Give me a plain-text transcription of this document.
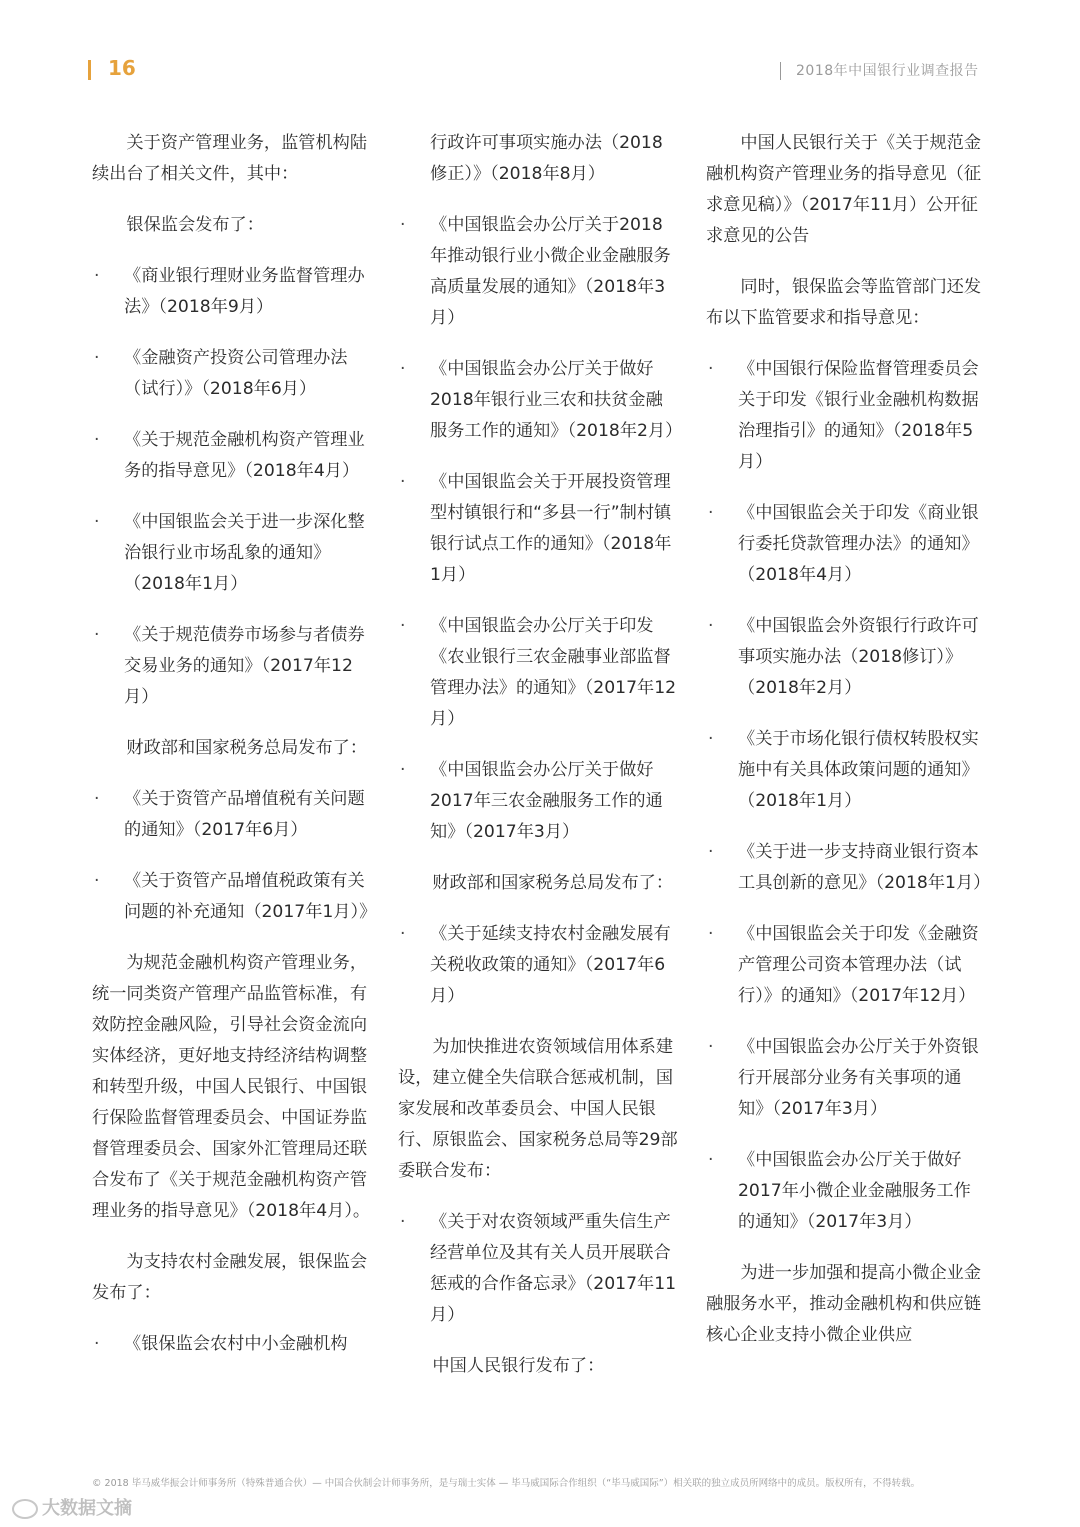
16	2018年中国银行业调查报告

关于资产管理业务，监管机构陆续出台了相关文件，其中：

银保监会发布了：

· 《商业银行理财业务监督管理办法》（2018年9月）
· 《金融资产投资公司管理办法（试行）》（2018年6月）
· 《关于规范金融机构资产管理业务的指导意见》（2018年4月）
· 《中国银监会关于进一步深化整治银行业市场乱象的通知》（2018年1月）
· 《关于规范债券市场参与者债券交易业务的通知》（2017年12月）

财政部和国家税务总局发布了：

· 《关于资管产品增值税有关问题的通知》（2017年6月）
· 《关于资管产品增值税政策有关问题的补充通知（2017年1月）》

为规范金融机构资产管理业务，统一同类资产管理产品监管标准，有效防控金融风险，引导社会资金流向实体经济，更好地支持经济结构调整和转型升级，中国人民银行、中国银行保险监督管理委员会、中国证券监督管理委员会、国家外汇管理局还联合发布了《关于规范金融机构资产管理业务的指导意见》（2018年4月）。

为支持农村金融发展，银保监会发布了：

· 《银保监会农村中小金融机构

行政许可事项实施办法（2018修正）》（2018年8月）

· 《中国银监会办公厅关于2018年推动银行业小微企业金融服务高质量发展的通知》（2018年3月）
· 《中国银监会办公厅关于做好2018年银行业三农和扶贫金融服务工作的通知》（2018年2月）
· 《中国银监会关于开展投资管理型村镇银行和“多县一行”制村镇银行试点工作的通知》（2018年1月）
· 《中国银监会办公厅关于印发《农业银行三农金融事业部监督管理办法》的通知》（2017年12月）
· 《中国银监会办公厅关于做好2017年三农金融服务工作的通知》（2017年3月）

财政部和国家税务总局发布了：

· 《关于延续支持农村金融发展有关税收政策的通知》（2017年6月）

为加快推进农资领域信用体系建设，建立健全失信联合惩戒机制，国家发展和改革委员会、中国人民银行、原银监会、国家税务总局等29部委联合发布：

· 《关于对农资领域严重失信生产经营单位及其有关人员开展联合惩戒的合作备忘录》（2017年11月）

中国人民银行发布了：

中国人民银行关于《关于规范金融机构资产管理业务的指导意见（征求意见稿）》（2017年11月）公开征求意见的公告

同时，银保监会等监管部门还发布以下监管要求和指导意见：

· 《中国银行保险监督管理委员会关于印发《银行业金融机构数据治理指引》的通知》（2018年5月）
· 《中国银监会关于印发《商业银行委托贷款管理办法》的通知》（2018年4月）
· 《中国银监会外资银行行政许可事项实施办法（2018修订）》（2018年2月）
· 《关于市场化银行债权转股权实施中有关具体政策问题的通知》（2018年1月）
· 《关于进一步支持商业银行资本工具创新的意见》（2018年1月）
· 《中国银监会关于印发《金融资产管理公司资本管理办法（试行）》的通知》（2017年12月）
· 《中国银监会办公厅关于外资银行开展部分业务有关事项的通知》（2017年3月）
· 《中国银监会办公厅关于做好2017年小微企业金融服务工作的通知》（2017年3月）

为进一步加强和提高小微企业金融服务水平，推动金融机构和供应链核心企业支持小微企业供应

© 2018 毕马威华振会计师事务所（特殊普通合伙）— 中国合伙制会计师事务所，是与瑞士实体 — 毕马威国际合作组织（“毕马威国际”）相关联的独立成员所网络中的成员。版权所有，不得转载。
大数据文摘
